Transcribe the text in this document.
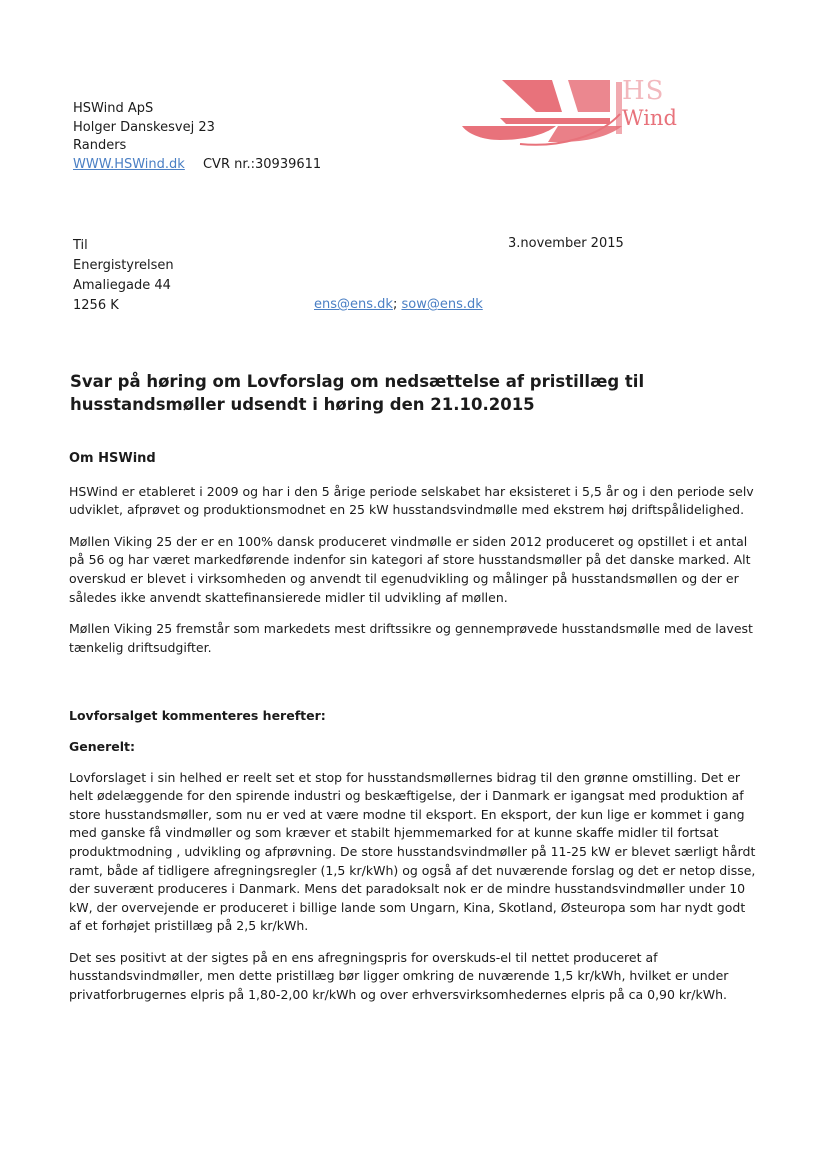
HSWind ApS
Holger Danskesvej 23
Randers
WWW.HSWind.dk CVR nr.:30939611
HS
Wind
Til
Energistyrelsen
Amaliegade 44
1256 K
3.november 2015
ens@ens.dk; sow@ens.dk
Svar på høring om Lovforslag om nedsættelse af pristillæg til husstandsmøller udsendt i høring den 21.10.2015
Om HSWind

HSWind er etableret i 2009 og har i den 5 årige periode selskabet har eksisteret i 5,5 år og i den periode selv udviklet, afprøvet og produktionsmodnet en 25 kW husstandsvindmølle med ekstrem høj driftspålidelighed.

Møllen Viking 25 der er en 100% dansk produceret vindmølle er siden 2012 produceret og opstillet i et antal på 56 og har været markedførende indenfor sin kategori af store husstandsmøller på det danske marked. Alt overskud er blevet i virksomheden og anvendt til egenudvikling og målinger på husstandsmøllen og der er således ikke anvendt skattefinansierede midler til udvikling af møllen.

Møllen Viking 25 fremstår som markedets mest driftssikre og gennemprøvede husstandsmølle med de lavest tænkelig driftsudgifter.

Lovforsalget kommenteres herefter:
Generelt:

Lovforslaget i sin helhed er reelt set et stop for husstandsmøllernes bidrag til den grønne omstilling. Det er helt ødelæggende for den spirende industri og beskæftigelse, der i Danmark er igangsat med produktion af store husstandsmøller, som nu er ved at være modne til eksport. En eksport, der kun lige er kommet i gang med ganske få vindmøller og som kræver et stabilt hjemmemarked for at kunne skaffe midler til fortsat produktmodning , udvikling og afprøvning. De store husstandsvindmøller på 11-25 kW er blevet særligt hårdt ramt, både af tidligere afregningsregler (1,5 kr/kWh) og også af det nuværende forslag og det er netop disse, der suverænt produceres i Danmark. Mens det paradoksalt nok er de mindre husstandsvindmøller under 10 kW, der overvejende er produceret i billige lande som Ungarn, Kina, Skotland, Østeuropa som har nydt godt af et forhøjet pristillæg på 2,5 kr/kWh.

Det ses positivt at der sigtes på en ens afregningspris for overskuds-el til nettet produceret af husstandsvindmøller, men dette pristillæg bør ligger omkring de nuværende 1,5 kr/kWh, hvilket er under privatforbrugernes elpris på 1,80-2,00 kr/kWh og over erhversvirksomhedernes elpris på ca 0,90 kr/kWh.
